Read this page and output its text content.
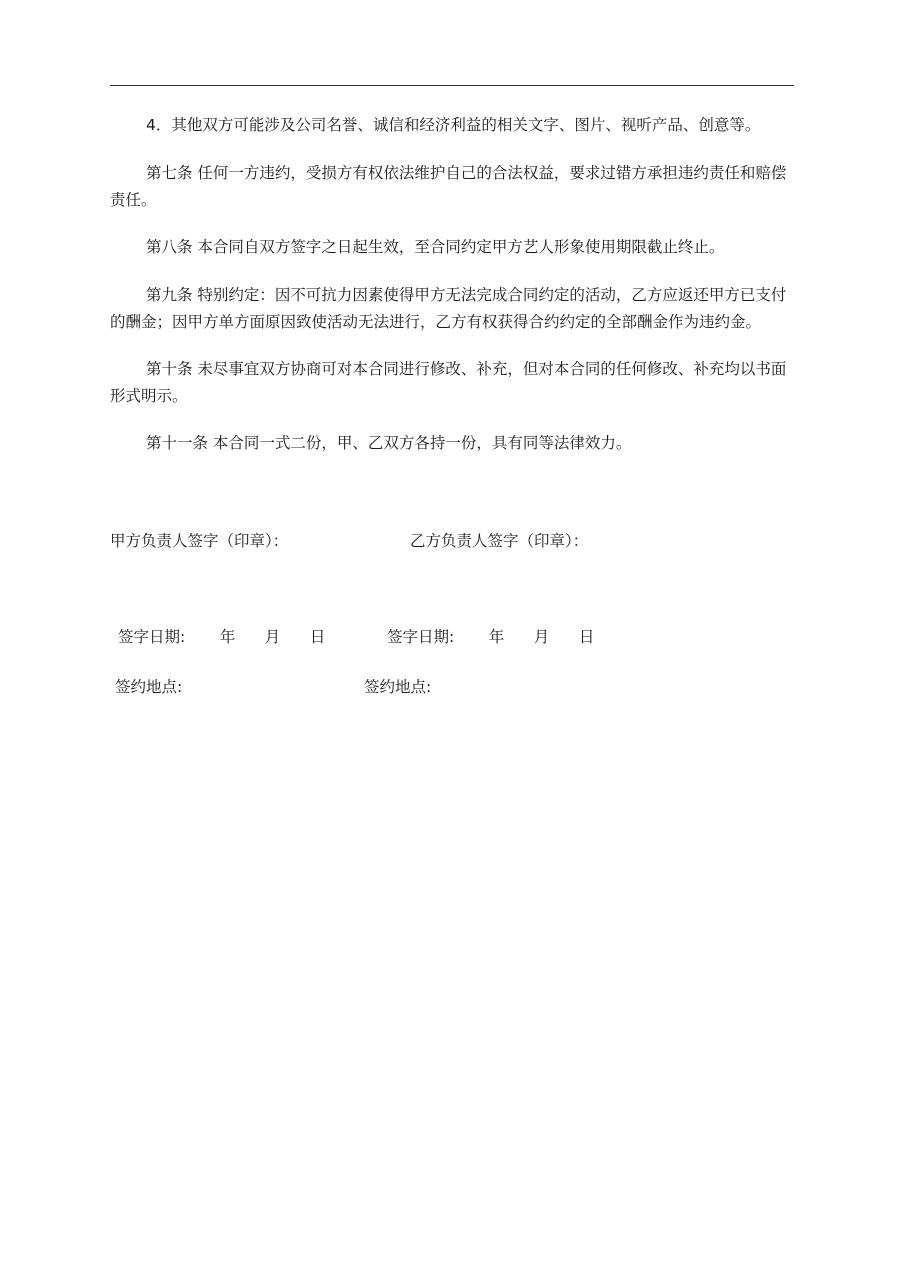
4．其他双方可能涉及公司名誉、诚信和经济利益的相关文字、图片、视听产品、创意等。

第七条 任何一方违约，受损方有权依法维护自己的合法权益，要求过错方承担违约责任和赔偿责任。

第八条 本合同自双方签字之日起生效，至合同约定甲方艺人形象使用期限截止终止。

第九条 特别约定：因不可抗力因素使得甲方无法完成合同约定的活动，乙方应返还甲方已支付的酬金；因甲方单方面原因致使活动无法进行，乙方有权获得合约约定的全部酬金作为违约金。

第十条 未尽事宜双方协商可对本合同进行修改、补充，但对本合同的任何修改、补充均以书面形式明示。

第十一条 本合同一式二份，甲、乙双方各持一份，具有同等法律效力。

甲方负责人签字（印章）：	乙方负责人签字（印章）：

签字日期:       年      月      日	签字日期:       年      月      日

签约地点:	签约地点:
